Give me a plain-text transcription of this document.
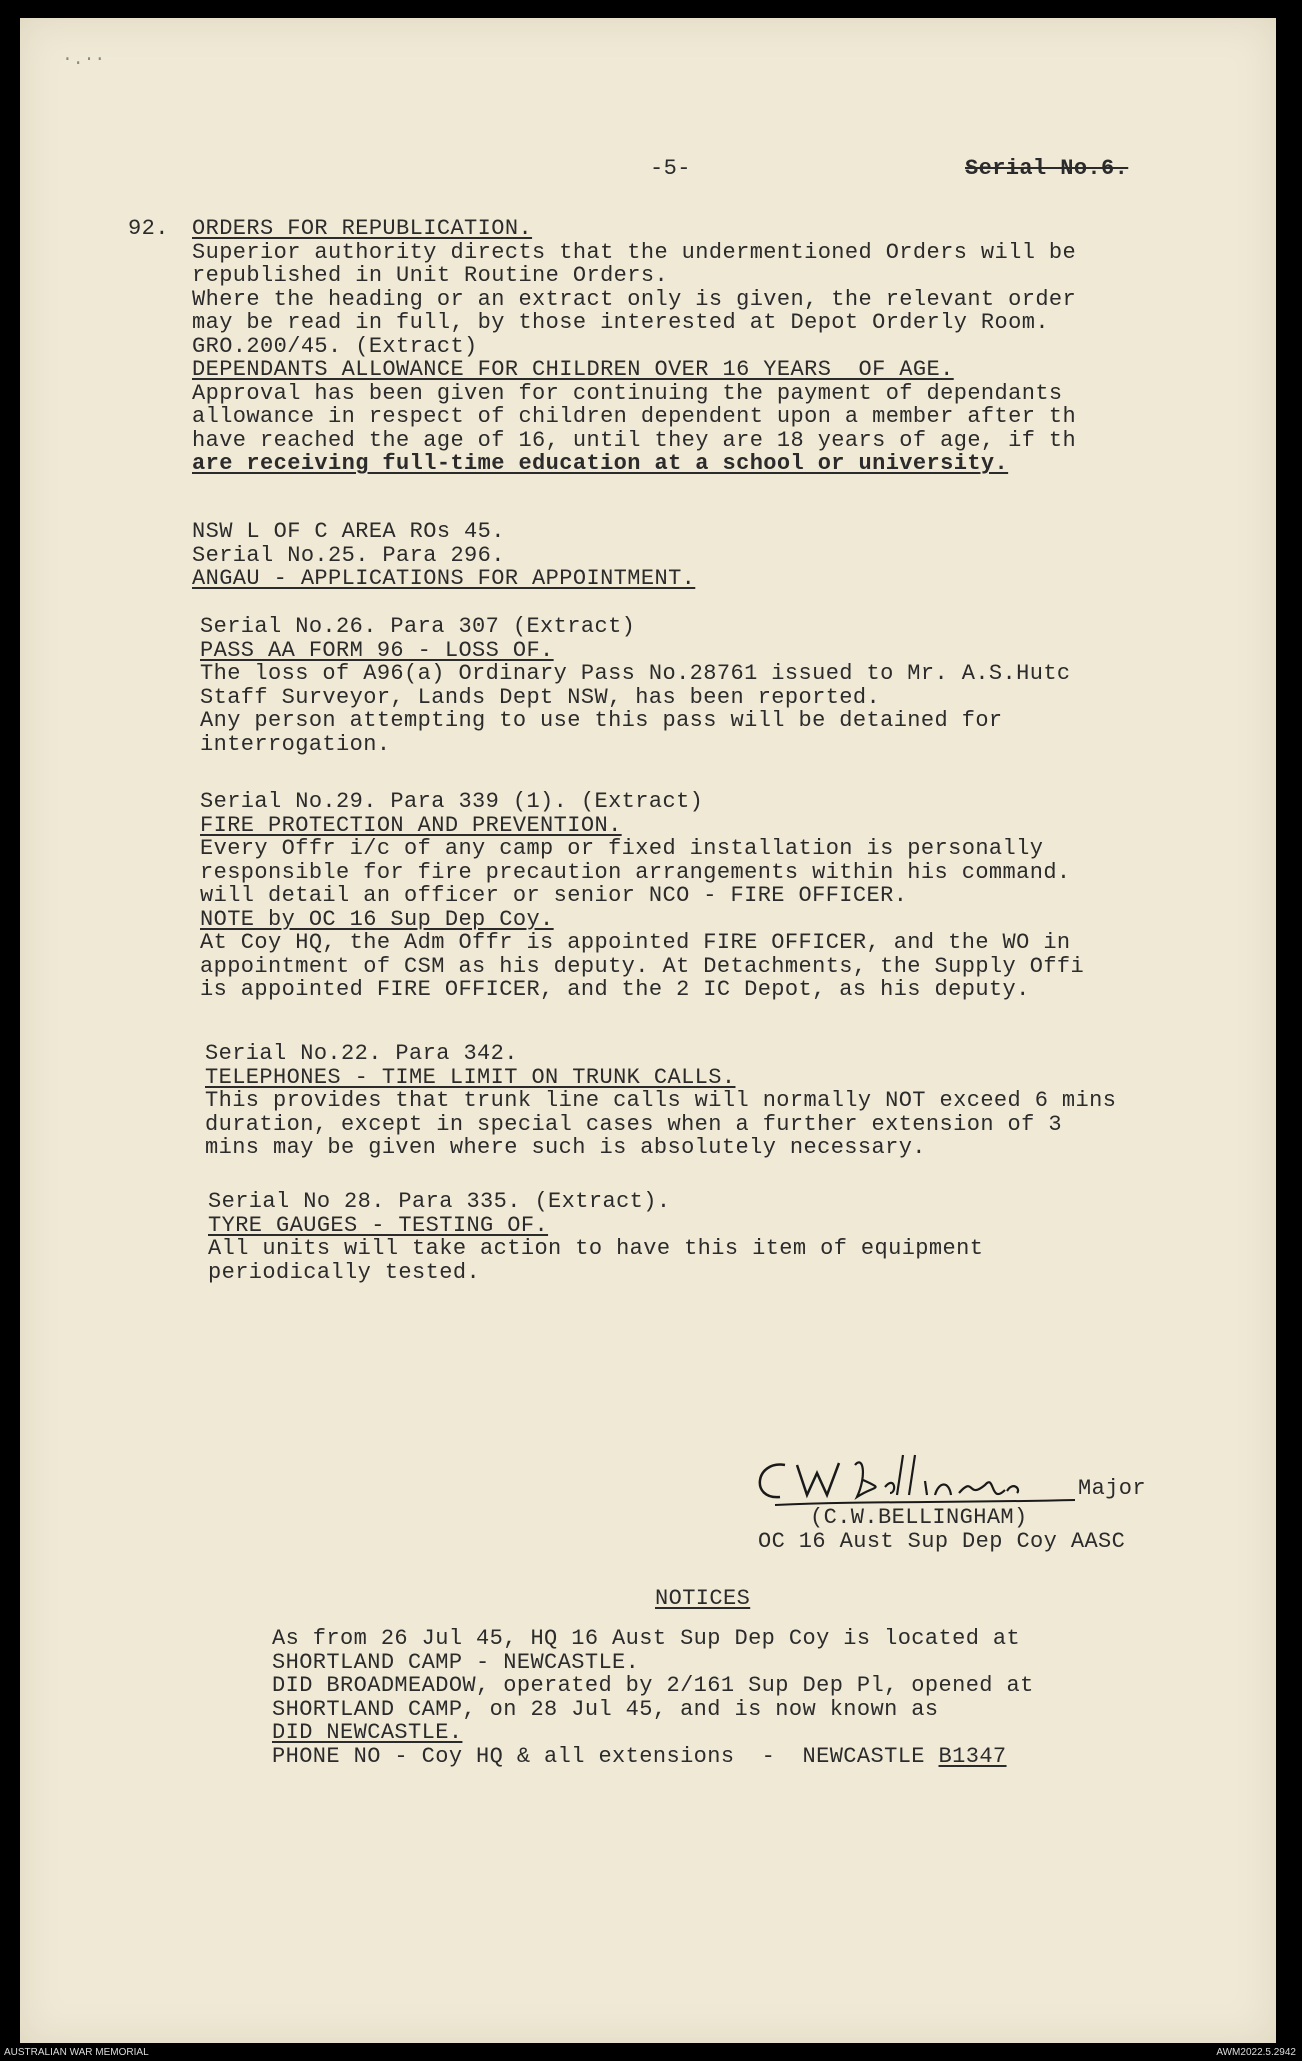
·.··
-5-	Serial No.6.
92. ORDERS FOR REPUBLICATION.
Superior authority directs that the undermentioned Orders will be
republished in Unit Routine Orders.
Where the heading or an extract only is given, the relevant order
may be read in full, by those interested at Depot Orderly Room.
GRO.200/45. (Extract)
DEPENDANTS ALLOWANCE FOR CHILDREN OVER 16 YEARS  OF AGE.
Approval has been given for continuing the payment of dependants
allowance in respect of children dependent upon a member after th
have reached the age of 16, until they are 18 years of age, if th
are receiving full-time education at a school or university.
NSW L OF C AREA ROs 45.
Serial No.25. Para 296.
ANGAU - APPLICATIONS FOR APPOINTMENT.
Serial No.26. Para 307 (Extract)
PASS AA FORM 96 - LOSS OF.
The loss of A96(a) Ordinary Pass No.28761 issued to Mr. A.S.Hutc
Staff Surveyor, Lands Dept NSW, has been reported.
Any person attempting to use this pass will be detained for
interrogation.
Serial No.29. Para 339 (1). (Extract)
FIRE PROTECTION AND PREVENTION.
Every Offr i/c of any camp or fixed installation is personally
responsible for fire precaution arrangements within his command.
will detail an officer or senior NCO - FIRE OFFICER.
NOTE by OC 16 Sup Dep Coy.
At Coy HQ, the Adm Offr is appointed FIRE OFFICER, and the WO in
appointment of CSM as his deputy. At Detachments, the Supply Offi
is appointed FIRE OFFICER, and the 2 IC Depot, as his deputy.
Serial No.22. Para 342.
TELEPHONES - TIME LIMIT ON TRUNK CALLS.
This provides that trunk line calls will normally NOT exceed 6 mins
duration, except in special cases when a further extension of 3
mins may be given where such is absolutely necessary.
Serial No 28. Para 335. (Extract).
TYRE GAUGES - TESTING OF.
All units will take action to have this item of equipment
periodically tested.
C.W. Bellingham
Major
(C.W.BELLINGHAM)
OC 16 Aust Sup Dep Coy AASC
NOTICES
As from 26 Jul 45, HQ 16 Aust Sup Dep Coy is located at
SHORTLAND CAMP - NEWCASTLE.
DID BROADMEADOW, operated by 2/161 Sup Dep Pl, opened at
SHORTLAND CAMP, on 28 Jul 45, and is now known as
DID NEWCASTLE.
PHONE NO - Coy HQ & all extensions  -  NEWCASTLE B1347
AUSTRALIAN WAR MEMORIAL	AWM2022.5.2942
